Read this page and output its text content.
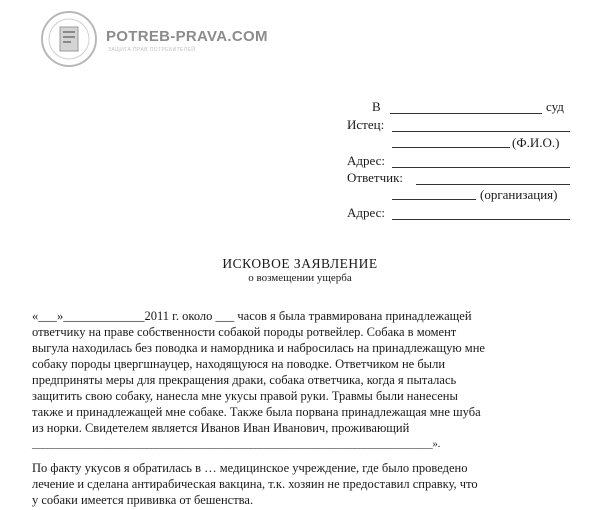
POTREB-PRAVA.COM
ЗАЩИТА ПРАВ ПОТРЕБИТЕЛЕЙ
В	суд
Истец:
(Ф.И.О.)
Адрес:
Ответчик:
(организация)
Адрес:
ИСКОВОЕ ЗАЯВЛЕНИЕ
о возмещении ущерба
«___»_____________2011 г. около ___ часов я была травмирована принадлежащей
ответчику на праве собственности собакой породы ротвейлер. Собака в момент
выгула находилась без поводка и намордника и набросилась на принадлежащую мне
собаку породы цвергшнауцер, находящуюся на поводке. Ответчиком не были
предприняты меры для прекращения драки, собака ответчика, когда я пыталась
защитить свою собаку, нанесла мне укусы правой руки. Травмы были нанесены
также и принадлежащей мне собаке. Также была порвана принадлежащая мне шуба
из норки. Свидетелем является Иванов Иван Иванович, проживающий
_____________________________________________________________________________».
По факту укусов я обратилась в … медицинское учреждение, где было проведено
лечение и сделана антирабическая вакцина, т.к. хозяин не предоставил справку, что
у собаки имеется прививка от бешенства.
